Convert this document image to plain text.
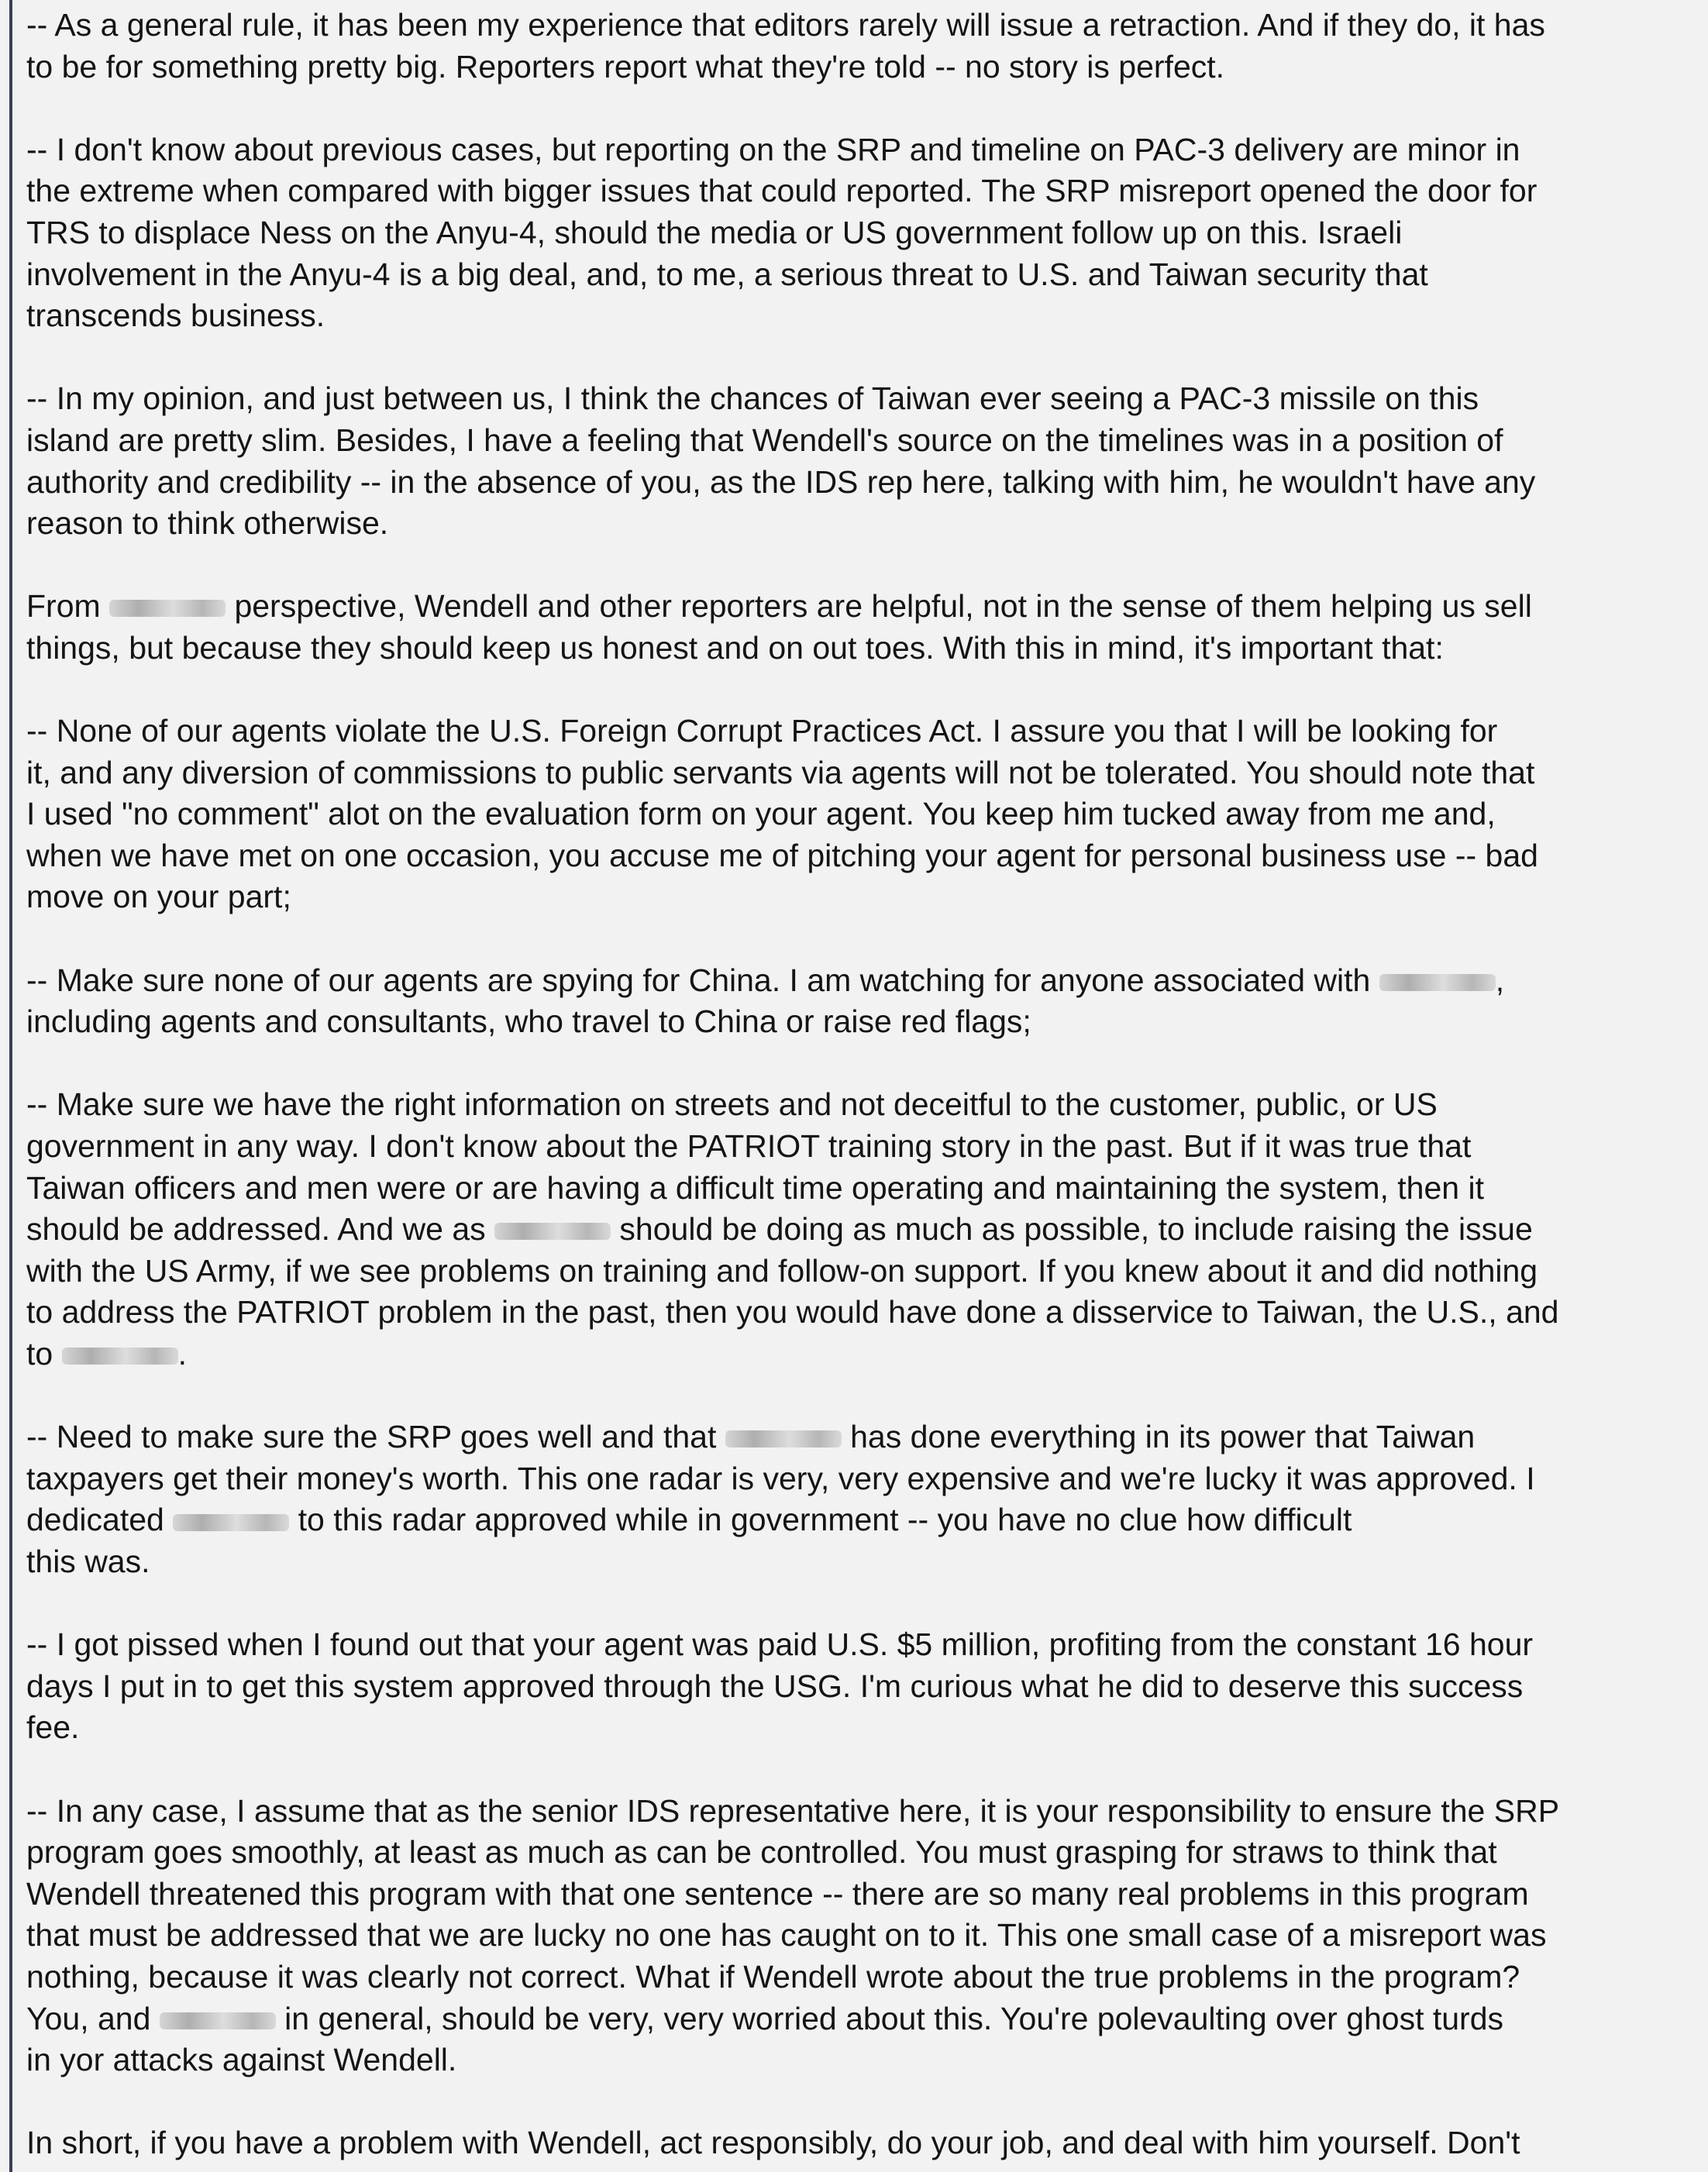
-- As a general rule, it has been my experience that editors rarely will issue a retraction. And if they do, it has
to be for something pretty big. Reporters report what they're told -- no story is perfect.
-- I don't know about previous cases, but reporting on the SRP and timeline on PAC-3 delivery are minor in
the extreme when compared with bigger issues that could reported. The SRP misreport opened the door for
TRS to displace Ness on the Anyu-4, should the media or US government follow up on this. Israeli
involvement in the Anyu-4 is a big deal, and, to me, a serious threat to U.S. and Taiwan security that
transcends business.
-- In my opinion, and just between us, I think the chances of Taiwan ever seeing a PAC-3 missile on this
island are pretty slim. Besides, I have a feeling that Wendell's source on the timelines was in a position of
authority and credibility -- in the absence of you, as the IDS rep here, talking with him, he wouldn't have any
reason to think otherwise.
From	perspective, Wendell and other reporters are helpful, not in the sense of them helping us sell
things, but because they should keep us honest and on out toes. With this in mind, it's important that:
-- None of our agents violate the U.S. Foreign Corrupt Practices Act. I assure you that I will be looking for
it, and any diversion of commissions to public servants via agents will not be tolerated. You should note that
I used "no comment" alot on the evaluation form on your agent. You keep him tucked away from me and,
when we have met on one occasion, you accuse me of pitching your agent for personal business use -- bad
move on your part;
-- Make sure none of our agents are spying for China. I am watching for anyone associated with	,
including agents and consultants, who travel to China or raise red flags;
-- Make sure we have the right information on streets and not deceitful to the customer, public, or US
government in any way. I don't know about the PATRIOT training story in the past. But if it was true that
Taiwan officers and men were or are having a difficult time operating and maintaining the system, then it
should be addressed. And we as	should be doing as much as possible, to include raising the issue
with the US Army, if we see problems on training and follow-on support. If you knew about it and did nothing
to address the PATRIOT problem in the past, then you would have done a disservice to Taiwan, the U.S., and
to	.
-- Need to make sure the SRP goes well and that	has done everything in its power that Taiwan
taxpayers get their money's worth. This one radar is very, very expensive and we're lucky it was approved. I
dedicated	to this radar approved while in government -- you have no clue how difficult
this was.
-- I got pissed when I found out that your agent was paid U.S. $5 million, profiting from the constant 16 hour
days I put in to get this system approved through the USG. I'm curious what he did to deserve this success
fee.
-- In any case, I assume that as the senior IDS representative here, it is your responsibility to ensure the SRP
program goes smoothly, at least as much as can be controlled. You must grasping for straws to think that
Wendell threatened this program with that one sentence -- there are so many real problems in this program
that must be addressed that we are lucky no one has caught on to it. This one small case of a misreport was
nothing, because it was clearly not correct. What if Wendell wrote about the true problems in the program?
You, and	in general, should be very, very worried about this. You're polevaulting over ghost turds
in yor attacks against Wendell.
In short, if you have a problem with Wendell, act responsibly, do your job, and deal with him yourself. Don't
